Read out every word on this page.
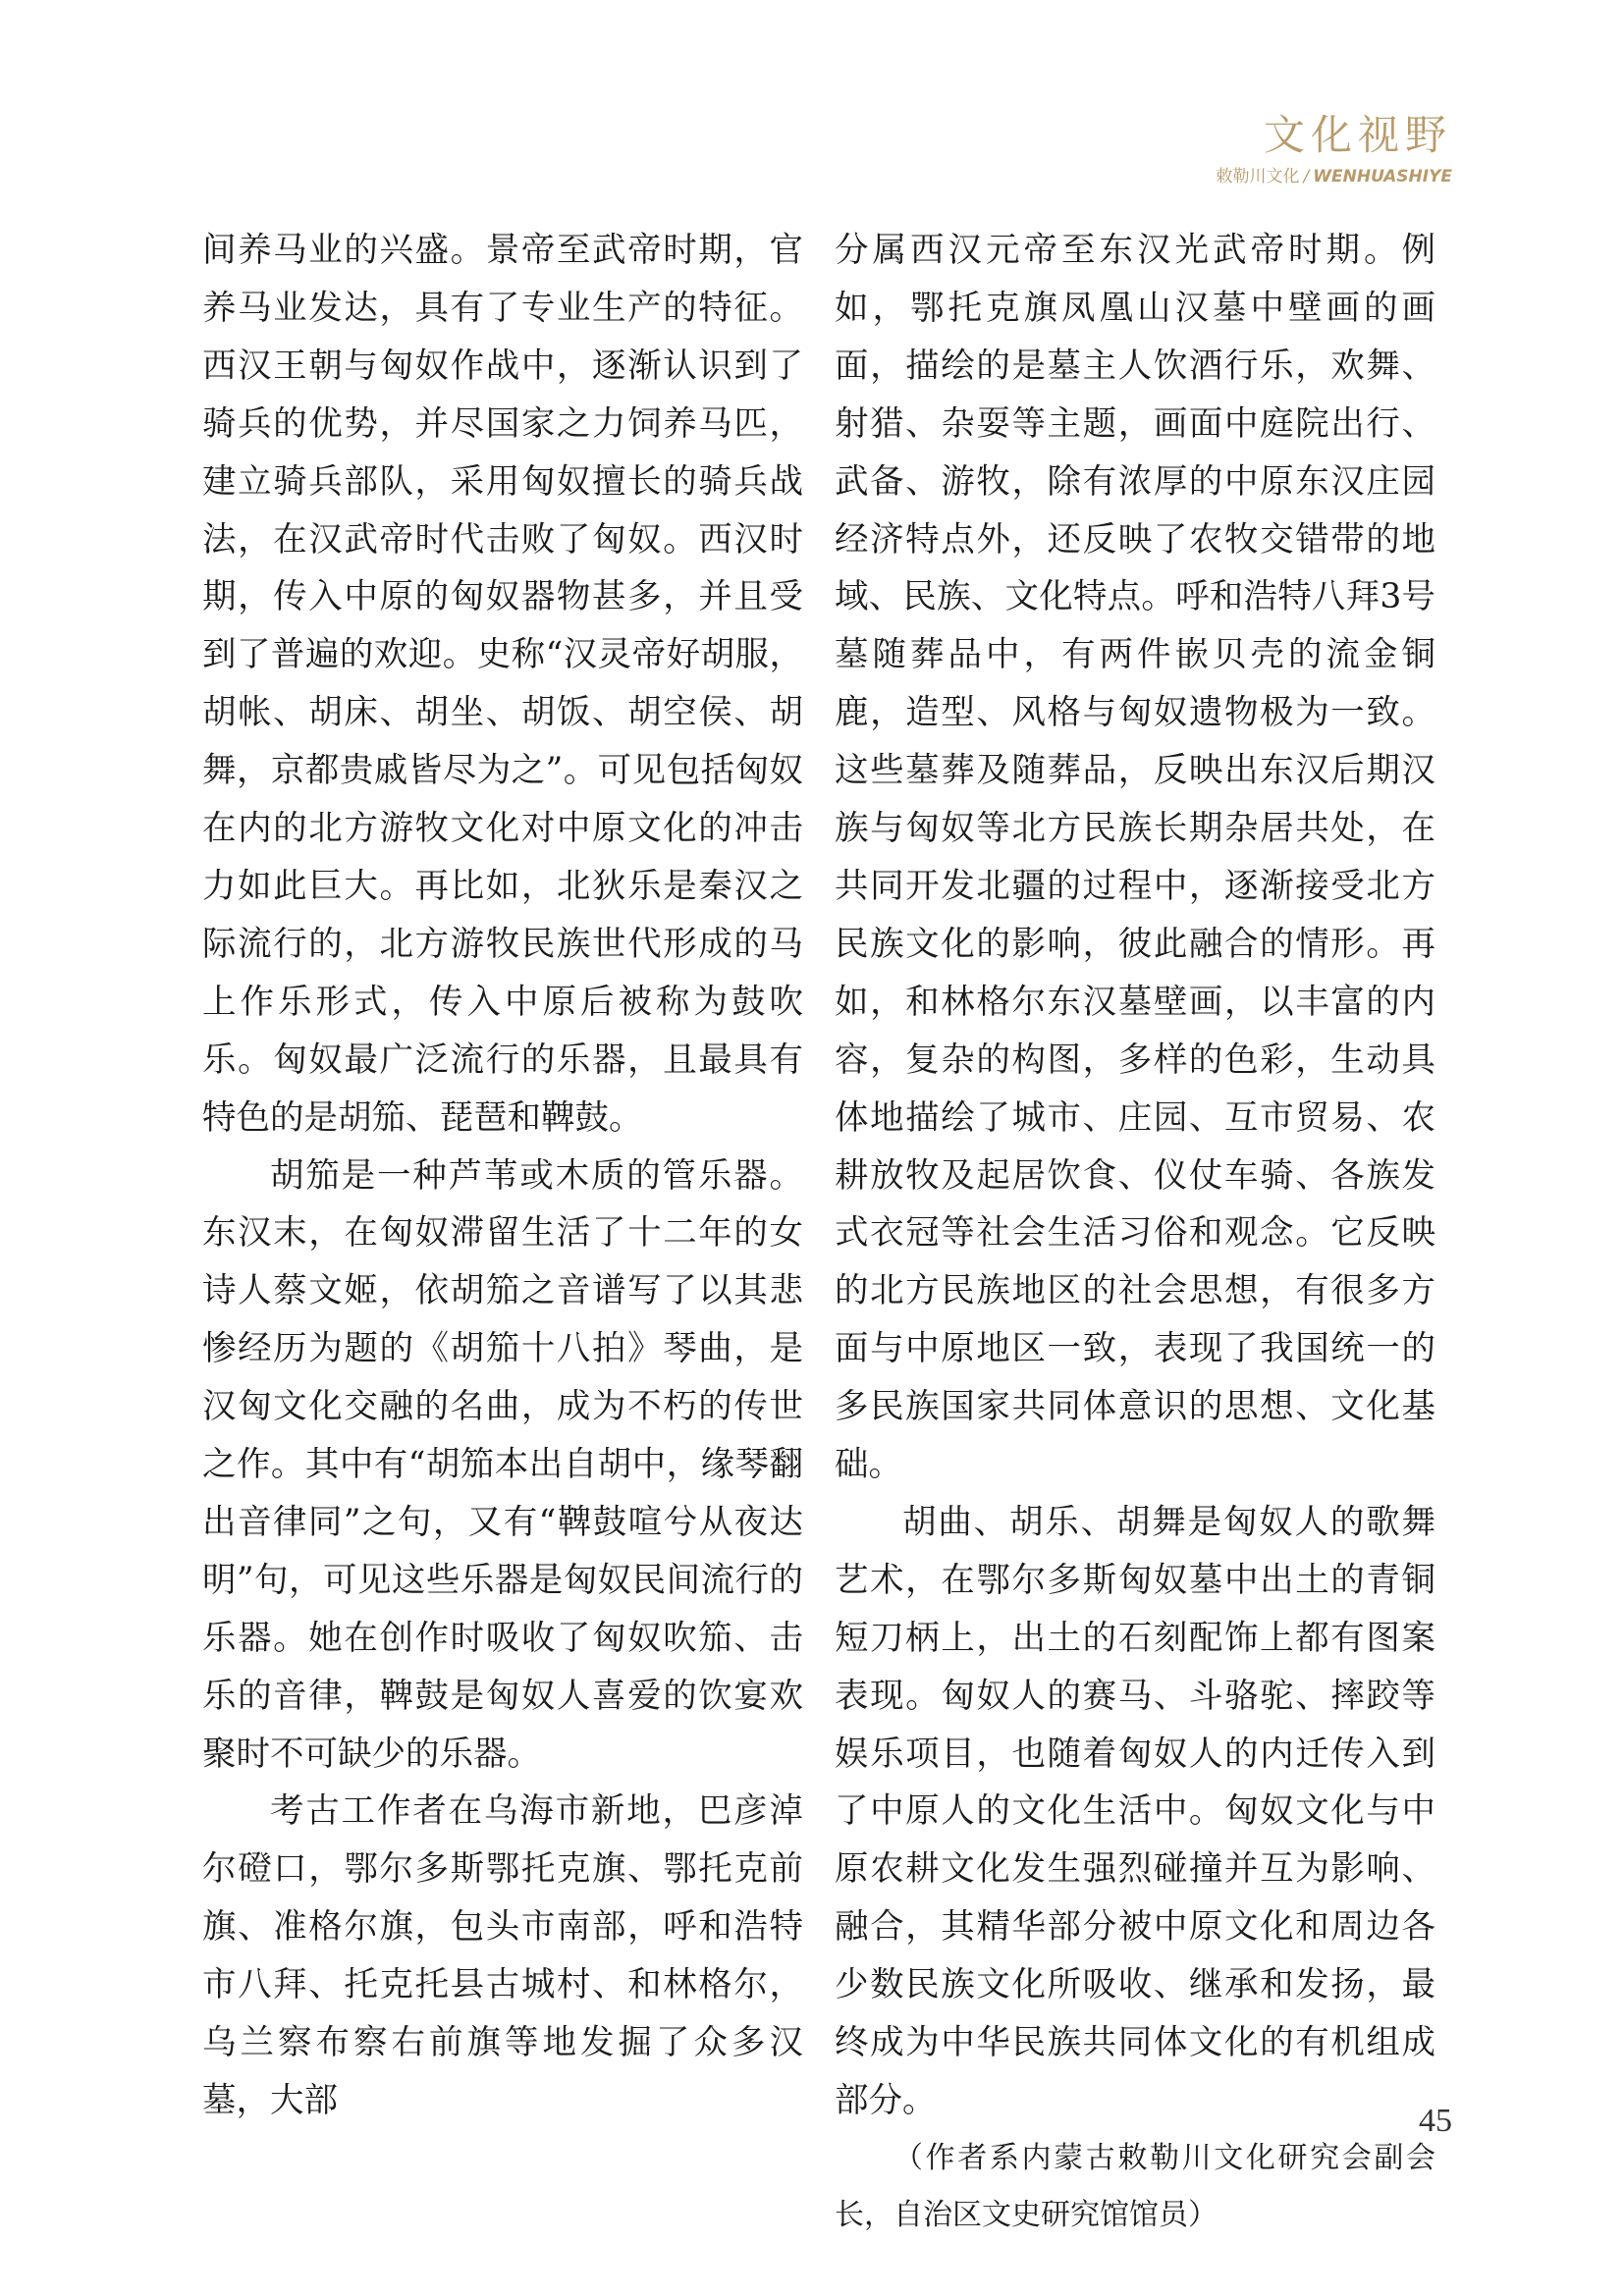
文化视野
敕勒川文化 / WENHUASHIYE

间养马业的兴盛。景帝至武帝时期，官养马业发达，具有了专业生产的特征。西汉王朝与匈奴作战中，逐渐认识到了骑兵的优势，并尽国家之力饲养马匹，建立骑兵部队，采用匈奴擅长的骑兵战法，在汉武帝时代击败了匈奴。西汉时期，传入中原的匈奴器物甚多，并且受到了普遍的欢迎。史称“汉灵帝好胡服，胡帐、胡床、胡坐、胡饭、胡空侯、胡舞，京都贵戚皆尽为之”。可见包括匈奴在内的北方游牧文化对中原文化的冲击力如此巨大。再比如，北狄乐是秦汉之际流行的，北方游牧民族世代形成的马上作乐形式，传入中原后被称为鼓吹乐。匈奴最广泛流行的乐器，且最具有特色的是胡笳、琵琶和鞞鼓。

胡笳是一种芦苇或木质的管乐器。东汉末，在匈奴滞留生活了十二年的女诗人蔡文姬，依胡笳之音谱写了以其悲惨经历为题的《胡笳十八拍》琴曲，是汉匈文化交融的名曲，成为不朽的传世之作。其中有“胡笳本出自胡中，缘琴翻出音律同”之句，又有“鞞鼓喧兮从夜达明”句，可见这些乐器是匈奴民间流行的乐器。她在创作时吸收了匈奴吹笳、击乐的音律，鞞鼓是匈奴人喜爱的饮宴欢聚时不可缺少的乐器。

考古工作者在乌海市新地，巴彦淖尔磴口，鄂尔多斯鄂托克旗、鄂托克前旗、准格尔旗，包头市南部，呼和浩特市八拜、托克托县古城村、和林格尔，乌兰察布察右前旗等地发掘了众多汉墓，大部

分属西汉元帝至东汉光武帝时期。例如，鄂托克旗凤凰山汉墓中壁画的画面，描绘的是墓主人饮酒行乐，欢舞、射猎、杂耍等主题，画面中庭院出行、武备、游牧，除有浓厚的中原东汉庄园经济特点外，还反映了农牧交错带的地域、民族、文化特点。呼和浩特八拜3号墓随葬品中，有两件嵌贝壳的流金铜鹿，造型、风格与匈奴遗物极为一致。这些墓葬及随葬品，反映出东汉后期汉族与匈奴等北方民族长期杂居共处，在共同开发北疆的过程中，逐渐接受北方民族文化的影响，彼此融合的情形。再如，和林格尔东汉墓壁画，以丰富的内容，复杂的构图，多样的色彩，生动具体地描绘了城市、庄园、互市贸易、农耕放牧及起居饮食、仪仗车骑、各族发式衣冠等社会生活习俗和观念。它反映的北方民族地区的社会思想，有很多方面与中原地区一致，表现了我国统一的多民族国家共同体意识的思想、文化基础。

胡曲、胡乐、胡舞是匈奴人的歌舞艺术，在鄂尔多斯匈奴墓中出土的青铜短刀柄上，出土的石刻配饰上都有图案表现。匈奴人的赛马、斗骆驼、摔跤等娱乐项目，也随着匈奴人的内迁传入到了中原人的文化生活中。匈奴文化与中原农耕文化发生强烈碰撞并互为影响、融合，其精华部分被中原文化和周边各少数民族文化所吸收、继承和发扬，最终成为中华民族共同体文化的有机组成部分。

（作者系内蒙古敕勒川文化研究会副会长，自治区文史研究馆馆员）

45
